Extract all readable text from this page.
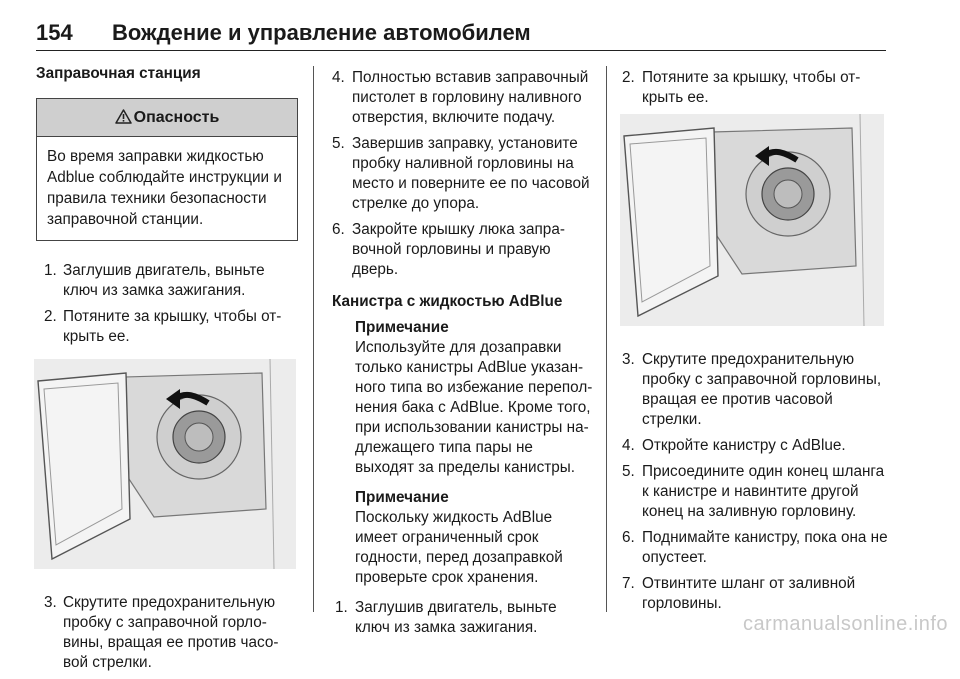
154 Вождение и управление автомобилем
Заправочная станция
Опасность
Во время заправки жидкостью Adblue соблюдайте инструкции и правила техники безопасности заправочной станции.
1. Заглушив двигатель, выньте ключ из замка зажигания.
2. Потяните за крышку, чтобы открыть ее.
3. Скрутите предохранительную пробку с заправочной горловины, вращая ее против часовой стрелки.
4. Полностью вставив заправочный пистолет в горловину наливного отверстия, включите подачу.
5. Завершив заправку, установите пробку наливной горловины на место и поверните ее по часовой стрелке до упора.
6. Закройте крышку люка заправочной горловины и правую дверь.
Канистра с жидкостью AdBlue
Примечание
Используйте для дозаправки только канистры AdBlue указанного типа во избежание переполнения бака с AdBlue. Кроме того, при использовании канистры надлежащего типа пары не выходят за пределы канистры.
Примечание
Поскольку жидкость AdBlue имеет ограниченный срок годности, перед дозаправкой проверьте срок хранения.
1. Заглушив двигатель, выньте ключ из замка зажигания.
2. Потяните за крышку, чтобы открыть ее.
3. Скрутите предохранительную пробку с заправочной горловины, вращая ее против часовой стрелки.
4. Откройте канистру с AdBlue.
5. Присоедините один конец шланга к канистре и навинтите другой конец на заливную горловину.
6. Поднимайте канистру, пока она не опустеет.
7. Отвинтите шланг от заливной горловины.
carmanualsonline.info
